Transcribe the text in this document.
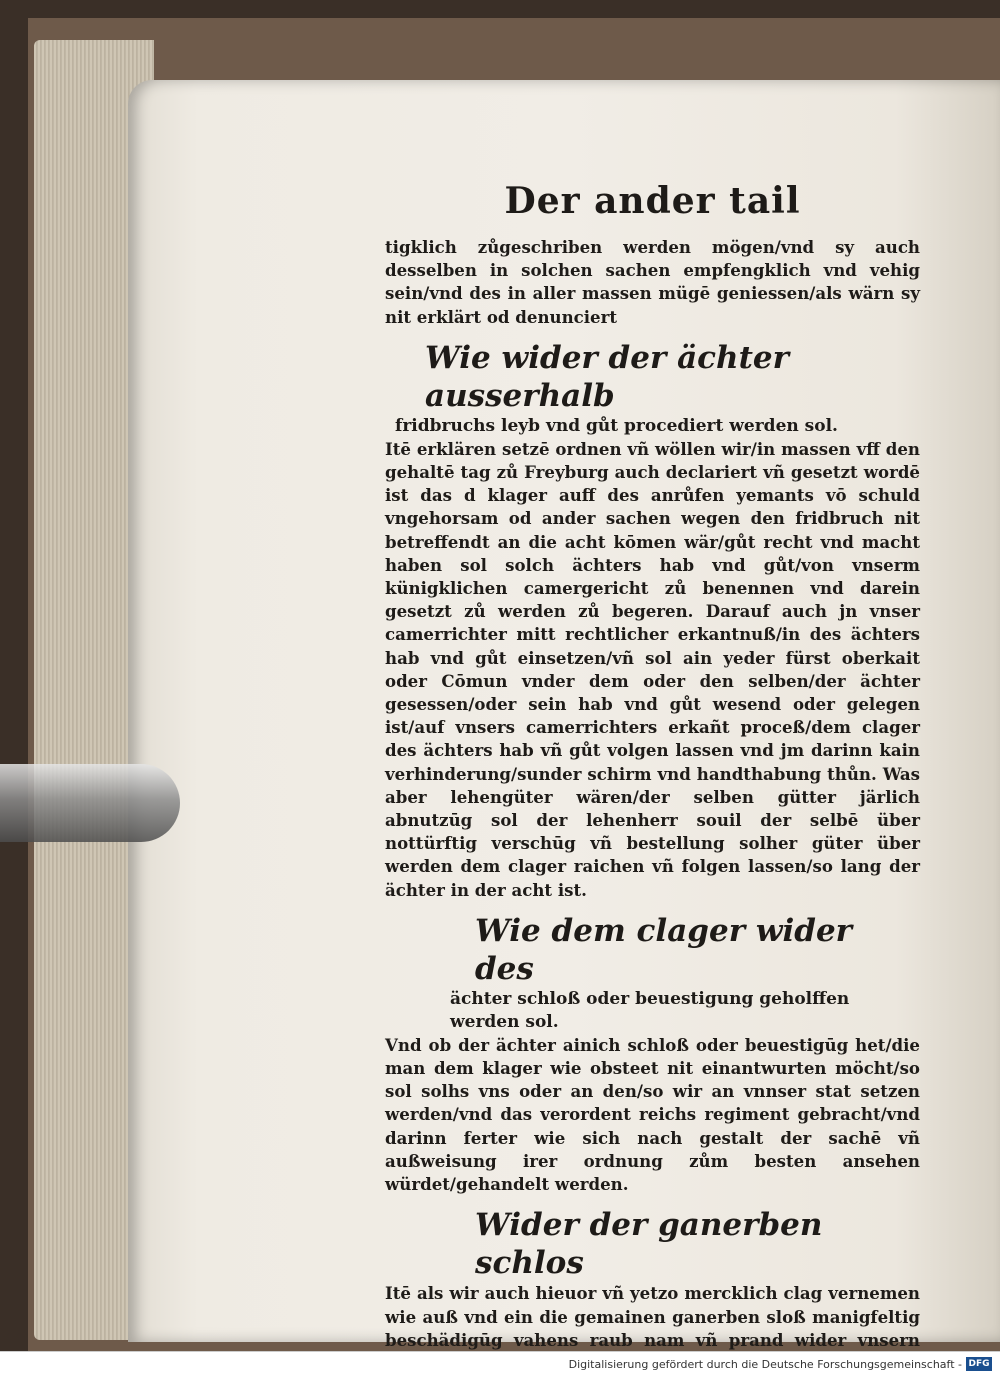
Der ander tail

tigklich zůgeschriben werden mögen/vnd sy auch desselben in solchen sachen empfengklich vnd vehig sein/vnd des in aller massen mügē geniessen/als wärn sy nit erklärt od denunciert

Wie wider der ächter ausserhalb
fridbruchs leyb vnd gůt procediert werden sol.

Itē erklären setzē ordnen vñ wöllen wir/in massen vff den gehaltē tag zů Freyburg auch declariert vñ gesetzt wordē ist das d klager auff des anrůfen yemants vō schuld vngehorsam od ander sachen wegen den fridbruch nit betreffendt an die acht kōmen wär/gůt recht vnd macht haben sol solch ächters hab vnd gůt/von vnserm künigklichen camergericht zů benennen vnd darein gesetzt zů werden zů begeren. Darauf auch jn vnser camerrichter mitt rechtlicher erkantnuß/in des ächters hab vnd gůt einsetzen/vñ sol ain yeder fürst oberkait oder Cōmun vnder dem oder den selben/der ächter gesessen/oder sein hab vnd gůt wesend oder gelegen ist/auf vnsers camerrichters erkañt proceß/dem clager des ächters hab vñ gůt volgen lassen vnd jm darinn kain verhinderung/sunder schirm vnd handthabung thůn. Was aber lehengüter wären/der selben gütter järlich abnutzūg sol der lehenherr souil der selbē über nottürftig verschūg vñ bestellung solher güter über werden dem clager raichen vñ folgen lassen/so lang der ächter in der acht ist.

Wie dem clager wider des
ächter schloß oder beuestigung geholffen werden sol.

Vnd ob der ächter ainich schloß oder beuestigūg het/die man dem klager wie obsteet nit einantwurten möcht/so sol solhs vns oder an den/so wir an vnnser stat setzen werden/vnd das verordent reichs regiment gebracht/vnd darinn ferter wie sich nach gestalt der sachē vñ außweisung irer ordnung zům besten ansehen würdet/gehandelt werden.

Wider der ganerben schlos

Itē als wir auch hieuor vñ yetzo mercklich clag vernemen wie auß vnd ein die gemainen ganerben sloß manigfeltig beschädigūg vahens raub nam vñ prand wider vnsern

Digitalisierung gefördert durch die Deutsche Forschungsgemeinschaft - DFG
